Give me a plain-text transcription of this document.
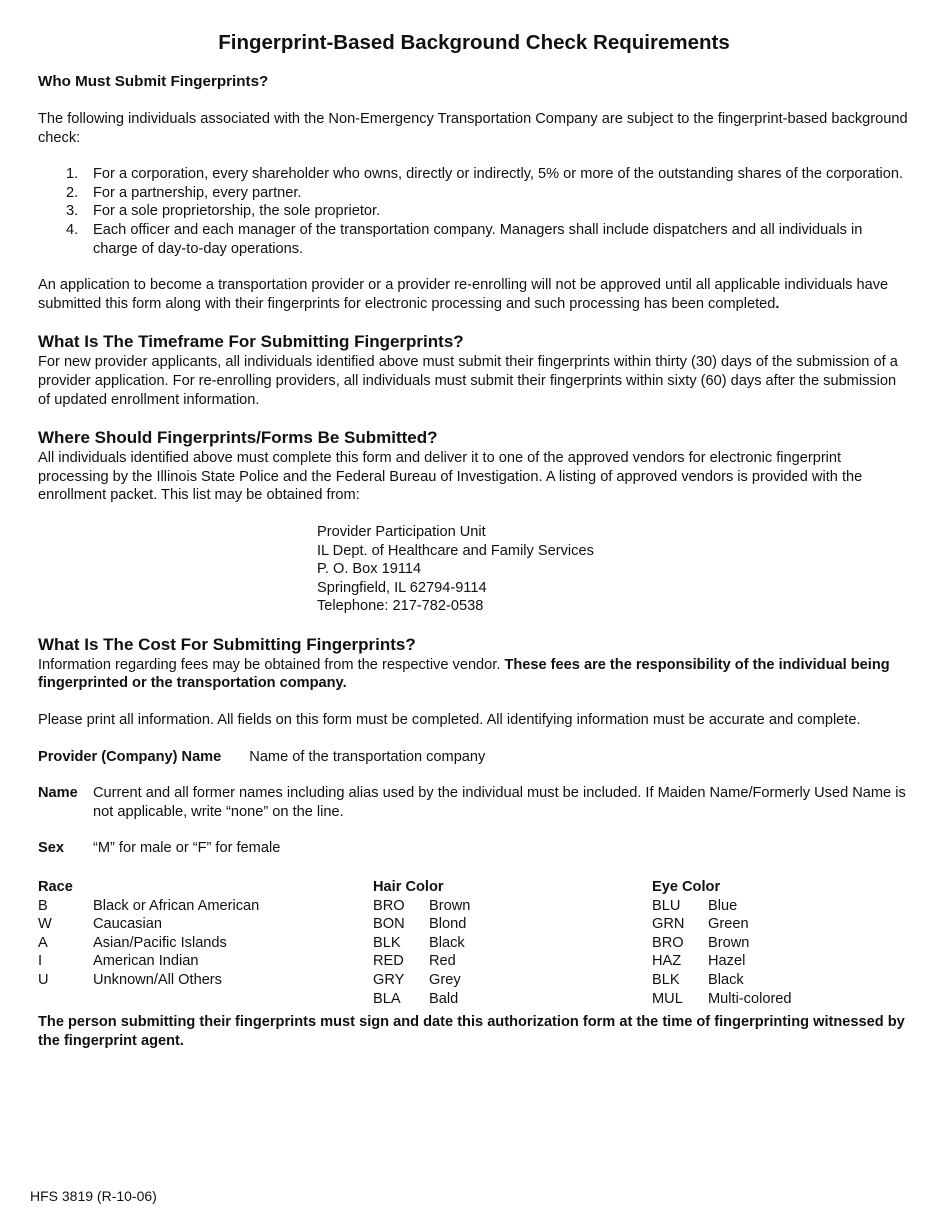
Fingerprint-Based Background Check Requirements
Who Must Submit Fingerprints?

The following individuals associated with the Non-Emergency Transportation Company are subject to the fingerprint-based background check:

1. For a corporation, every shareholder who owns, directly or indirectly, 5% or more of the outstanding shares of the corporation.
2. For a partnership, every partner.
3. For a sole proprietorship, the sole proprietor.
4. Each officer and each manager of the transportation company. Managers shall include dispatchers and all individuals in charge of day-to-day operations.

An application to become a transportation provider or a provider re-enrolling will not be approved until all applicable individuals have submitted this form along with their fingerprints for electronic processing and such processing has been completed.

What Is The Timeframe For Submitting Fingerprints?

For new provider applicants, all individuals identified above must submit their fingerprints within thirty (30) days of the submission of a provider application. For re-enrolling providers, all individuals must submit their fingerprints within sixty (60) days after the submission of updated enrollment information.

Where Should Fingerprints/Forms Be Submitted?

All individuals identified above must complete this form and deliver it to one of the approved vendors for electronic fingerprint processing by the Illinois State Police and the Federal Bureau of Investigation. A listing of approved vendors is provided with the enrollment packet. This list may be obtained from:

Provider Participation Unit
IL Dept. of Healthcare and Family Services
P. O. Box 19114
Springfield, IL 62794-9114
Telephone: 217-782-0538
What Is The Cost For Submitting Fingerprints?

Information regarding fees may be obtained from the respective vendor. These fees are the responsibility of the individual being fingerprinted or the transportation company.

Please print all information. All fields on this form must be completed. All identifying information must be accurate and complete.

Provider (Company) Name Name of the transportation company
Name Current and all former names including alias used by the individual must be included. If Maiden Name/Formerly Used Name is not applicable, write “none” on the line.
Sex “M” for male or “F” for female
Race
B	Black or African American
W	Caucasian
A	Asian/Pacific Islands
I	American Indian
U	Unknown/All Others
Hair Color
BRO Brown
BON Blond
BLK Black
RED Red
GRY Grey
BLA Bald
Eye Color
BLU Blue
GRN Green
BRO Brown
HAZ Hazel
BLK Black
MUL Multi-colored

The person submitting their fingerprints must sign and date this authorization form at the time of fingerprinting witnessed by the fingerprint agent.

HFS 3819 (R-10-06)
